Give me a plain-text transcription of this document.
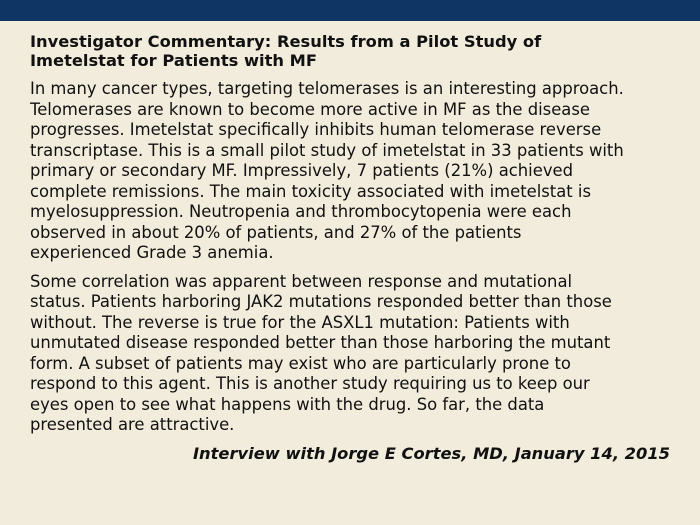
Investigator Commentary: Results from a Pilot Study of
Imetelstat for Patients with MF
In many cancer types, targeting telomerases is an interesting approach.
Telomerases are known to become more active in MF as the disease
progresses. Imetelstat specifically inhibits human telomerase reverse
transcriptase. This is a small pilot study of imetelstat in 33 patients with
primary or secondary MF. Impressively, 7 patients (21%) achieved
complete remissions. The main toxicity associated with imetelstat is
myelosuppression. Neutropenia and thrombocytopenia were each
observed in about 20% of patients, and 27% of the patients
experienced Grade 3 anemia.
Some correlation was apparent between response and mutational
status. Patients harboring JAK2 mutations responded better than those
without. The reverse is true for the ASXL1 mutation: Patients with
unmutated disease responded better than those harboring the mutant
form. A subset of patients may exist who are particularly prone to
respond to this agent. This is another study requiring us to keep our
eyes open to see what happens with the drug. So far, the data
presented are attractive.
Interview with Jorge E Cortes, MD, January 14, 2015
